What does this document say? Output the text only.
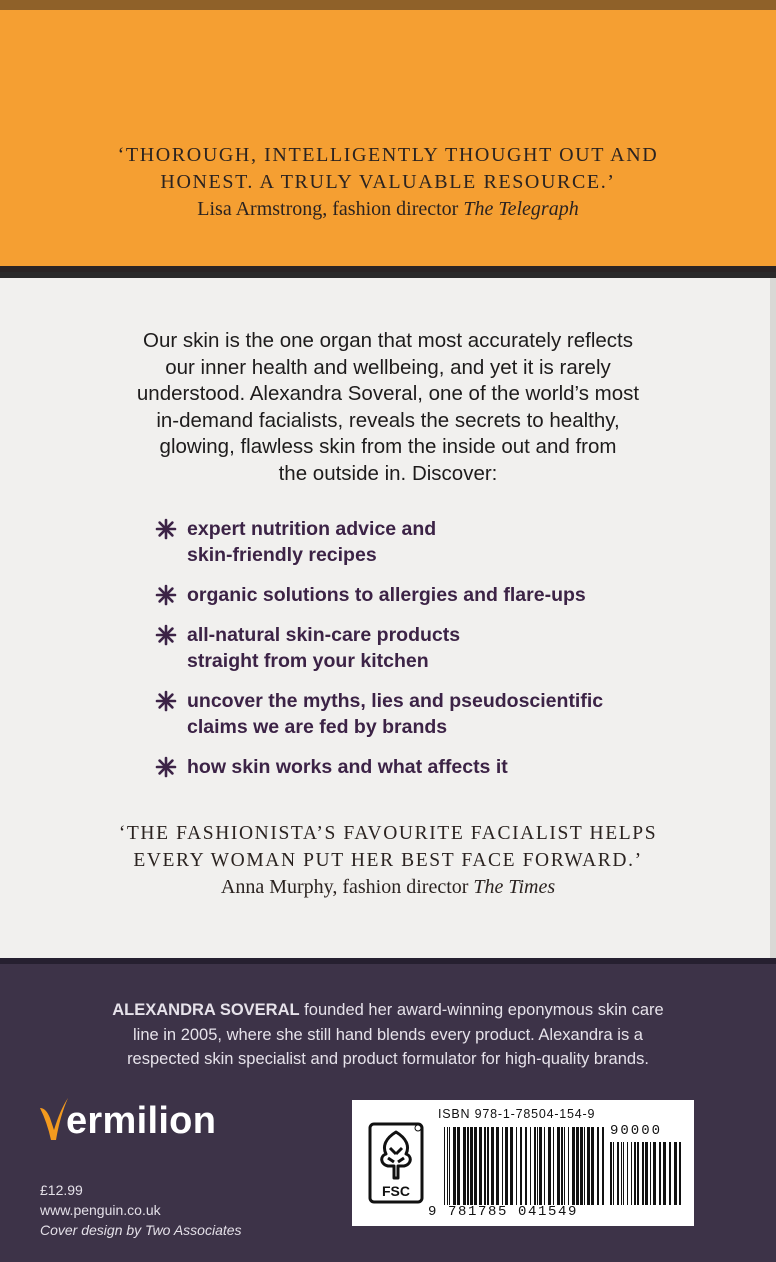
‘THOROUGH, INTELLIGENTLY THOUGHT OUT AND
HONEST. A TRULY VALUABLE RESOURCE.’
Lisa Armstrong, fashion director The Telegraph
Our skin is the one organ that most accurately reflects
our inner health and wellbeing, and yet it is rarely
understood. Alexandra Soveral, one of the world’s most
in-demand facialists, reveals the secrets to healthy,
glowing, flawless skin from the inside out and from
the outside in. Discover:
expert nutrition advice and
skin-friendly recipes
organic solutions to allergies and flare-ups
all-natural skin-care products
straight from your kitchen
uncover the myths, lies and pseudoscientific
claims we are fed by brands
how skin works and what affects it
‘THE FASHIONISTA’S FAVOURITE FACIALIST HELPS
EVERY WOMAN PUT HER BEST FACE FORWARD.’
Anna Murphy, fashion director The Times
ALEXANDRA SOVERAL founded her award-winning eponymous skin care
line in 2005, where she still hand blends every product. Alexandra is a
respected skin specialist and product formulator for high-quality brands.
ermilion
£12.99
www.penguin.co.uk
Cover design by Two Associates
ISBN 978-1-78504-154-9
FSC
90000
9 781785 041549
